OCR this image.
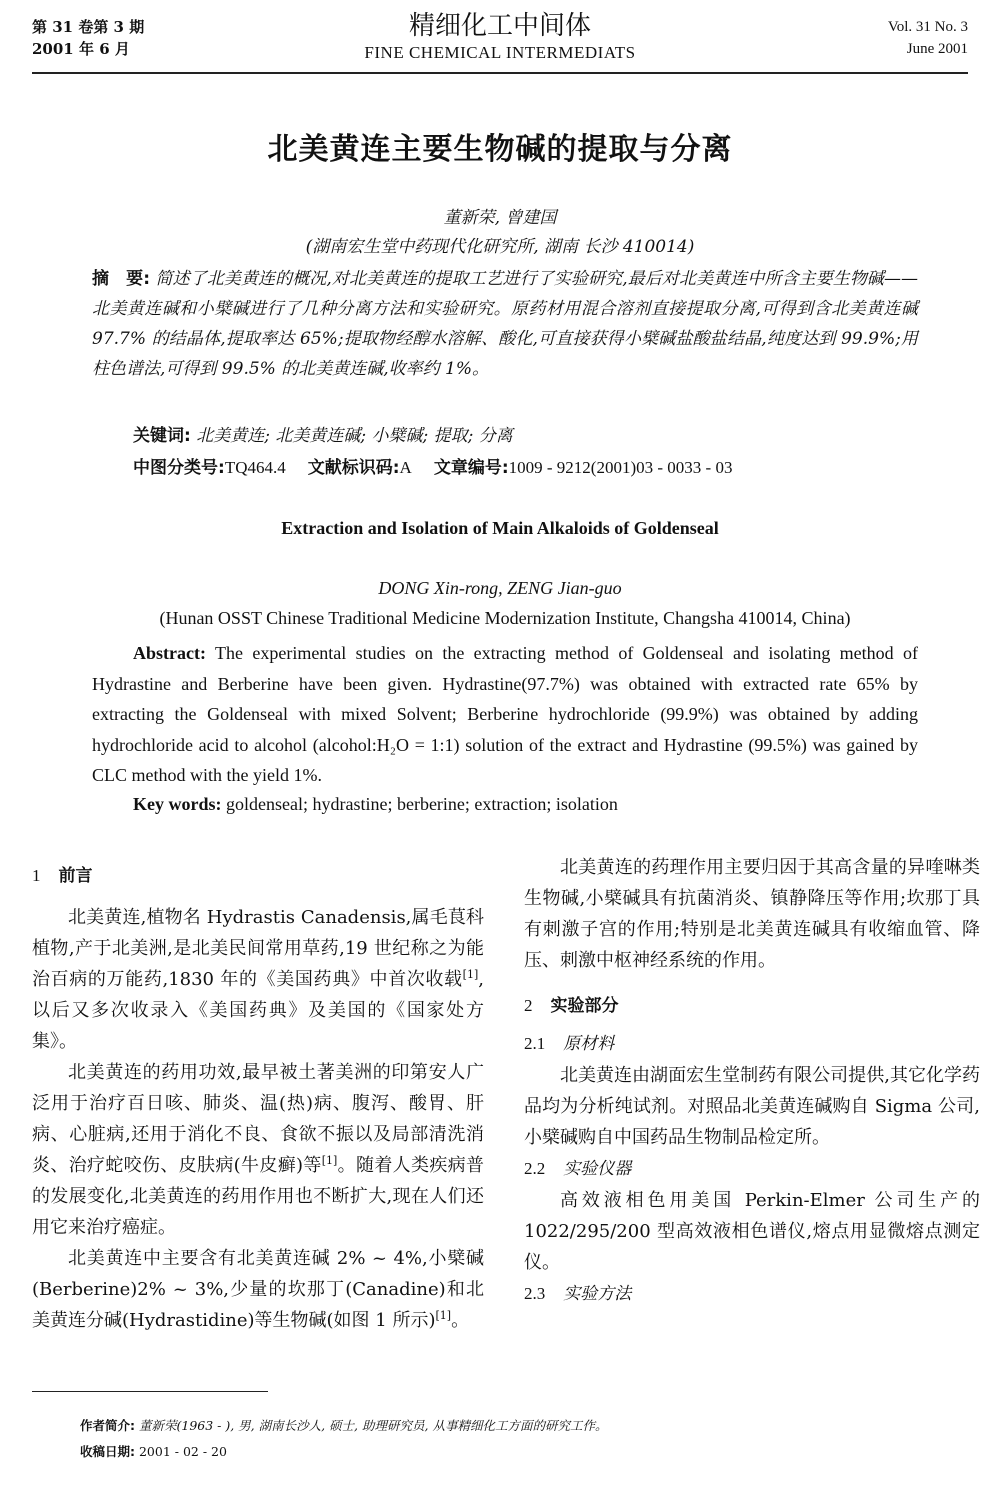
第 31 卷第 3 期
2001 年 6 月
精细化工中间体
FINE CHEMICAL INTERMEDIATS
Vol. 31 No. 3
June 2001
北美黄连主要生物碱的提取与分离
董新荣, 曾建国
(湖南宏生堂中药现代化研究所, 湖南 长沙 410014)
摘　要: 简述了北美黄连的概况,对北美黄连的提取工艺进行了实验研究,最后对北美黄连中所含主要生物碱——北美黄连碱和小檗碱进行了几种分离方法和实验研究。原药材用混合溶剂直接提取分离,可得到含北美黄连碱 97.7% 的结晶体,提取率达 65%;提取物经醇水溶解、酸化,可直接获得小檗碱盐酸盐结晶,纯度达到 99.9%;用柱色谱法,可得到 99.5% 的北美黄连碱,收率约 1%。
关键词: 北美黄连; 北美黄连碱; 小檗碱; 提取; 分离
中图分类号:TQ464.4 文献标识码:A 文章编号:1009 - 9212(2001)03 - 0033 - 03
Extraction and Isolation of Main Alkaloids of Goldenseal
DONG Xin-rong, ZENG Jian-guo
(Hunan OSST Chinese Traditional Medicine Modernization Institute, Changsha 410014, China)
Abstract: The experimental studies on the extracting method of Goldenseal and isolating method of Hydrastine and Berberine have been given. Hydrastine(97.7%) was obtained with extracted rate 65% by extracting the Goldenseal with mixed Solvent; Berberine hydrochloride (99.9%) was obtained by adding hydrochloride acid to alcohol (alcohol:H₂O = 1:1) solution of the extract and Hydrastine (99.5%) was gained by CLC method with the yield 1%.
Key words: goldenseal; hydrastine; berberine; extraction; isolation
1 前言

北美黄连,植物名 Hydrastis Canadensis,属毛茛科植物,产于北美洲,是北美民间常用草药,19 世纪称之为能治百病的万能药,1830 年的《美国药典》中首次收载[1],以后又多次收录入《美国药典》及美国的《国家处方集》。

北美黄连的药用功效,最早被土著美洲的印第安人广泛用于治疗百日咳、肺炎、温(热)病、腹泻、酸胃、肝病、心脏病,还用于消化不良、食欲不振以及局部清洗消炎、治疗蛇咬伤、皮肤病(牛皮癣)等[1]。随着人类疾病普的发展变化,北美黄连的药用作用也不断扩大,现在人们还用它来治疗癌症。

北美黄连中主要含有北美黄连碱 2% ~ 4%,小檗碱(Berberine)2% ~ 3%,少量的坎那丁(Canadine)和北美黄连分碱(Hydrastidine)等生物碱(如图 1 所示)[1]。

北美黄连的药理作用主要归因于其高含量的异喹啉类生物碱,小檗碱具有抗菌消炎、镇静降压等作用;坎那丁具有刺激子宫的作用;特别是北美黄连碱具有收缩血管、降压、刺激中枢神经系统的作用。

2 实验部分
2.1 原材料

北美黄连由湖面宏生堂制药有限公司提供,其它化学药品均为分析纯试剂。对照品北美黄连碱购自 Sigma 公司,小檗碱购自中国药品生物制品检定所。

2.2 实验仪器

高效液相色用美国 Perkin-Elmer 公司生产的 1022/295/200 型高效液相色谱仪,熔点用显微熔点测定仪。

2.3 实验方法
作者简介: 董新荣(1963 - ), 男, 湖南长沙人, 硕士, 助理研究员, 从事精细化工方面的研究工作。
收稿日期: 2001 - 02 - 20
